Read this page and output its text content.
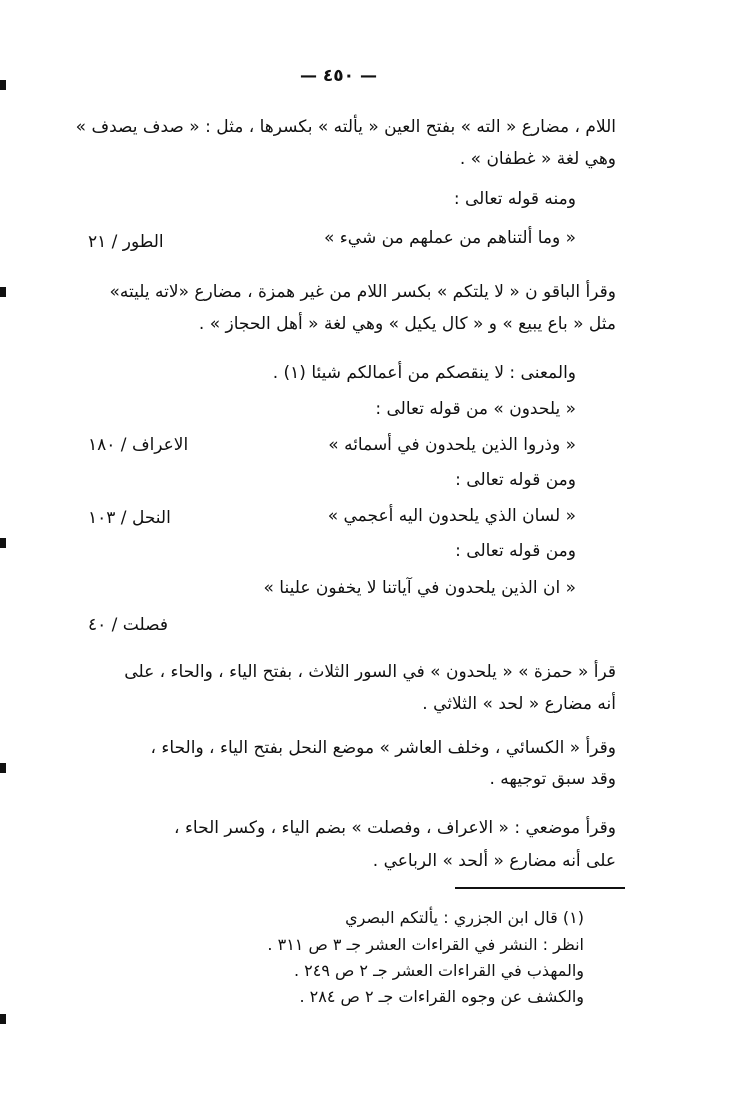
— ٤٥٠ —
اللام ، مضارع « الته » بفتح العين « يألته » بكسرها ، مثل : « صدف يصدف »
وهي لغة « غطفان » .
ومنه قوله تعالى :
« وما ألتناهم من عملهم من شيء »
الطور / ٢١
وقرأ الباقو ن « لا يلتكم » بكسر اللام من غير همزة ، مضارع «لاته يليته»
مثل « باع يبيع » و « كال يكيل » وهي لغة « أهل الحجاز » .
والمعنى : لا ينقصكم من أعمالكم شيئا (١) .
« يلحدون » من قوله تعالى :
« وذروا الذين يلحدون في أسمائه »
الاعراف / ١٨٠
ومن قوله تعالى :
« لسان الذي يلحدون اليه أعجمي »
النحل / ١٠٣
ومن قوله تعالى :
« ان الذين يلحدون في آياتنا لا يخفون علينا »
فصلت / ٤٠
قرأ « حمزة » « يلحدون » في السور الثلاث ، بفتح الياء ، والحاء ، على
أنه مضارع « لحد » الثلاثي .
وقرأ « الكسائي ، وخلف العاشر » موضع النحل بفتح الياء ، والحاء ،
وقد سبق توجيهه .
وقرأ موضعي : « الاعراف ، وفصلت » بضم الياء ، وكسر الحاء ،
على أنه مضارع « ألحد » الرباعي .
(١) قال ابن الجزري : يألتكم البصري
انظر : النشر في القراءات العشر جـ ٣ ص ٣١١ .
والمهذب في القراءات العشر جـ ٢ ص ٢٤٩ .
والكشف عن وجوه القراءات جـ ٢ ص ٢٨٤ .
